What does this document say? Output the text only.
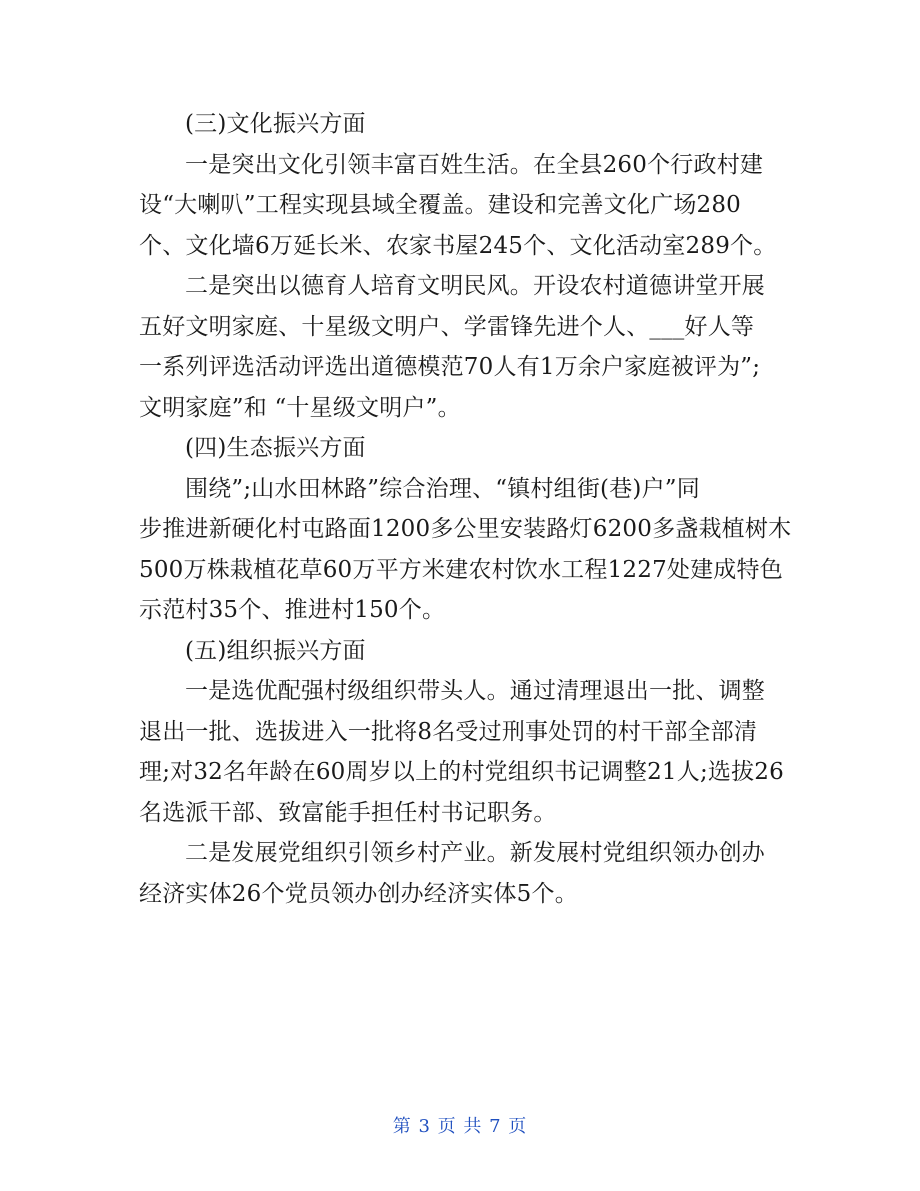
(三)文化振兴方面
一是突出文化引领丰富百姓生活。在全县260个行政村建
设“大喇叭”工程实现县域全覆盖。建设和完善文化广场280
个、文化墙6万延长米、农家书屋245个、文化活动室289个。
二是突出以德育人培育文明民风。开设农村道德讲堂开展
五好文明家庭、十星级文明户、学雷锋先进个人、___好人等
一系列评选活动评选出道德模范70人有1万余户家庭被评为”;
文明家庭”和 “十星级文明户”。
(四)生态振兴方面
围绕”;山水田林路”综合治理、“镇村组街(巷)户”同
步推进新硬化村屯路面1200多公里安装路灯6200多盏栽植树木
500万株栽植花草60万平方米建农村饮水工程1227处建成特色
示范村35个、推进村150个。
(五)组织振兴方面
一是选优配强村级组织带头人。通过清理退出一批、调整
退出一批、选拔进入一批将8名受过刑事处罚的村干部全部清
理;对32名年龄在60周岁以上的村党组织书记调整21人;选拔26
名选派干部、致富能手担任村书记职务。
二是发展党组织引领乡村产业。新发展村党组织领办创办
经济实体26个党员领办创办经济实体5个。
第 3 页 共 7 页
